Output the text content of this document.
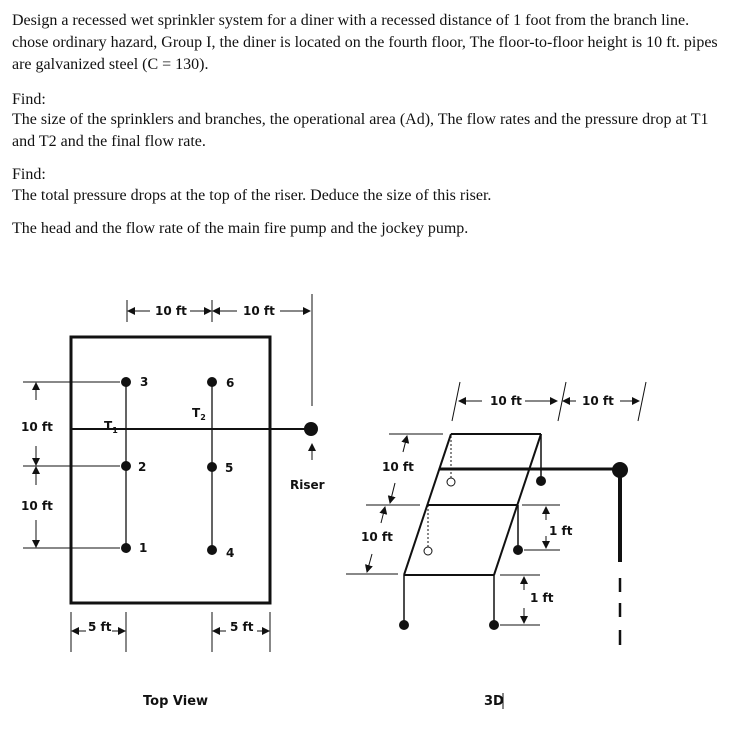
Design a recessed wet sprinkler system for a diner with a recessed distance of 1 foot from the branch line. chose ordinary hazard, Group I, the diner is located on the fourth floor, The floor-to-floor height is 10 ft. pipes are galvanized steel (C = 130).

Find:

The size of the sprinklers and branches, the operational area (Ad), The flow rates and the pressure drop at T1 and T2 and the final flow rate.

Find:

The total pressure drops at the top of the riser. Deduce the size of this riser.

The head and the flow rate of the main fire pump and the jockey pump.

Riser
3
2
1
6
5
4
$T_1$
$T_2$
10 ft	10 ft
10 ft
10 ft
5 ft	5 ft
Top View
10 ft	10 ft
10 ft
10 ft	1 ft
1 ft
3D
